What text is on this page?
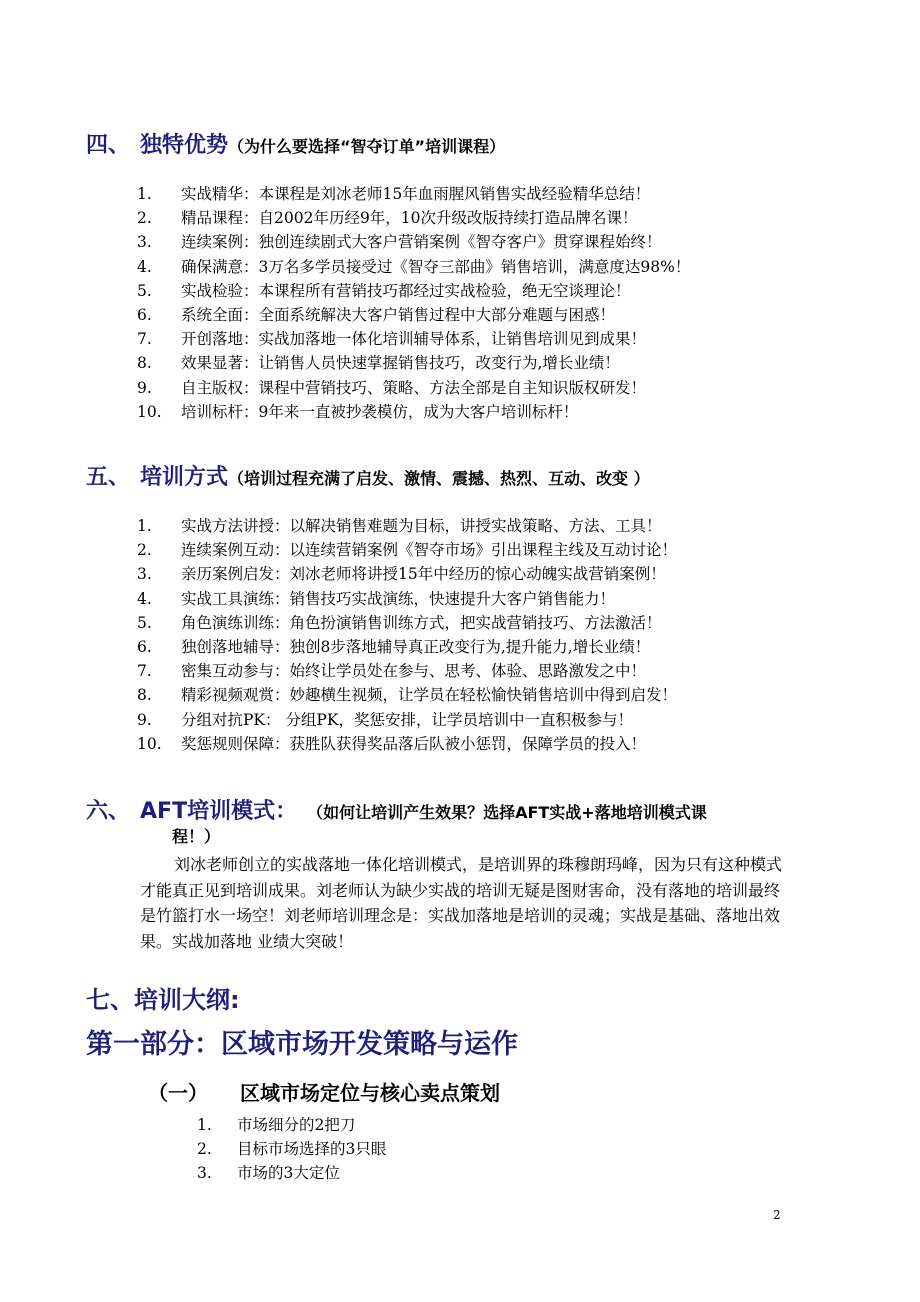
四、 独特优势（为什么要选择“智夺订单”培训课程）
1. 实战精华：本课程是刘冰老师15年血雨腥风销售实战经验精华总结！
2. 精品课程：自2002年历经9年，10次升级改版持续打造品牌名课！
3. 连续案例：独创连续剧式大客户营销案例《智夺客户》贯穿课程始终！
4. 确保满意：3万名多学员接受过《智夺三部曲》销售培训，满意度达98%！
5. 实战检验：本课程所有营销技巧都经过实战检验，绝无空谈理论！
6. 系统全面：全面系统解决大客户销售过程中大部分难题与困惑！
7. 开创落地：实战加落地一体化培训辅导体系，让销售培训见到成果！
8. 效果显著：让销售人员快速掌握销售技巧，改变行为,增长业绩！
9. 自主版权：课程中营销技巧、策略、方法全部是自主知识版权研发！
10. 培训标杆：9年来一直被抄袭模仿，成为大客户培训标杆！
五、 培训方式（培训过程充满了启发、激情、震撼、热烈、互动、改变 ）
1. 实战方法讲授：以解决销售难题为目标，讲授实战策略、方法、工具！
2. 连续案例互动：以连续营销案例《智夺市场》引出课程主线及互动讨论！
3. 亲历案例启发：刘冰老师将讲授15年中经历的惊心动魄实战营销案例！
4. 实战工具演练：销售技巧实战演练，快速提升大客户销售能力！
5. 角色演练训练：角色扮演销售训练方式，把实战营销技巧、方法激活！
6. 独创落地辅导：独创8步落地辅导真正改变行为,提升能力,增长业绩！
7. 密集互动参与：始终让学员处在参与、思考、体验、思路激发之中！
8. 精彩视频观赏：妙趣横生视频，让学员在轻松愉快销售培训中得到启发！
9. 分组对抗PK： 分组PK，奖惩安排，让学员培训中一直积极参与！
10. 奖惩规则保障：获胜队获得奖品落后队被小惩罚，保障学员的投入！
六、 AFT培训模式： （如何让培训产生效果？选择AFT实战+落地培训模式课
程！）
刘冰老师创立的实战落地一体化培训模式，是培训界的珠穆朗玛峰，因为只有这种模式才能真正见到培训成果。刘老师认为缺少实战的培训无疑是图财害命，没有落地的培训最终是竹篮打水一场空！刘老师培训理念是：实战加落地是培训的灵魂；实战是基础、落地出效果。实战加落地 业绩大突破！
七、培训大纲:
第一部分：区域市场开发策略与运作
（一） 区域市场定位与核心卖点策划
1. 市场细分的2把刀
2. 目标市场选择的3只眼
3. 市场的3大定位
2
